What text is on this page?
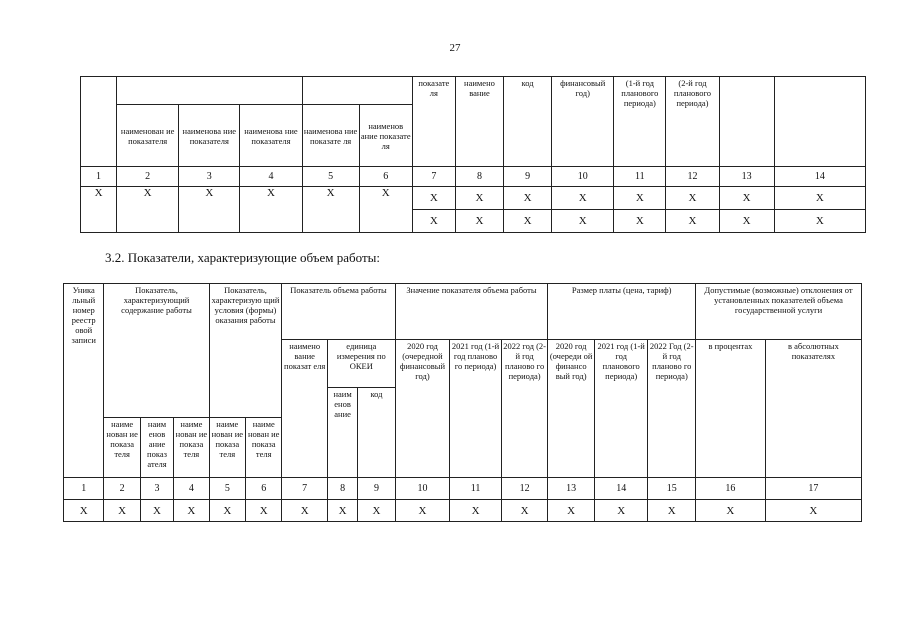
27
						показате ля	наимено вание	код	финансовый год)	(1-й год планового периода)	(2-й год планового периода)		
	наименован ие показателя	наименова ние показателя	наименова ние показателя	наименова ние показате ля	наименов ание показате ля								
1	2	3	4	5	6	7	8	9	10	11	12	13	14
X	X	X	X	X	X	X	X	X	X	X	X	X	X
						X	X	X	X	X	X	X	X
3.2. Показатели, характеризующие объем работы:
Уника льный номер реестр овой записи	Показатель, характеризующий содержание работы			Показатель, характеризую щий условия (формы) оказания работы		Показатель объема работы			Значение показателя объема работы			Размер платы (цена, тариф)			Допустимые (возможные) отклонения от установленных показателей объема государственной услуги	
						наимено вание показат еля	единица измерения по ОКЕИ		2020 год (очередной финансовый год)	2021 год (1-й год планово го периода)	2022 год (2-й год планово го периода)	2020 год (очереди ой финансо вый год)	2021 год (1-й год планового периода)	2022 Год (2-й год планово го периода)	в процентах	в абсолютных показателях
							наим енов ание	код								
	наиме нован ие показа теля	наим енов ание показ ателя	наиме нован ие показа теля	наиме нован ие показа теля	наиме нован ие показа теля											
1	2	3	4	5	6	7	8	9	10	11	12	13	14	15	16	17
X	X	X	X	X	X	X	X	X	X	X	X	X	X	X	X	X
